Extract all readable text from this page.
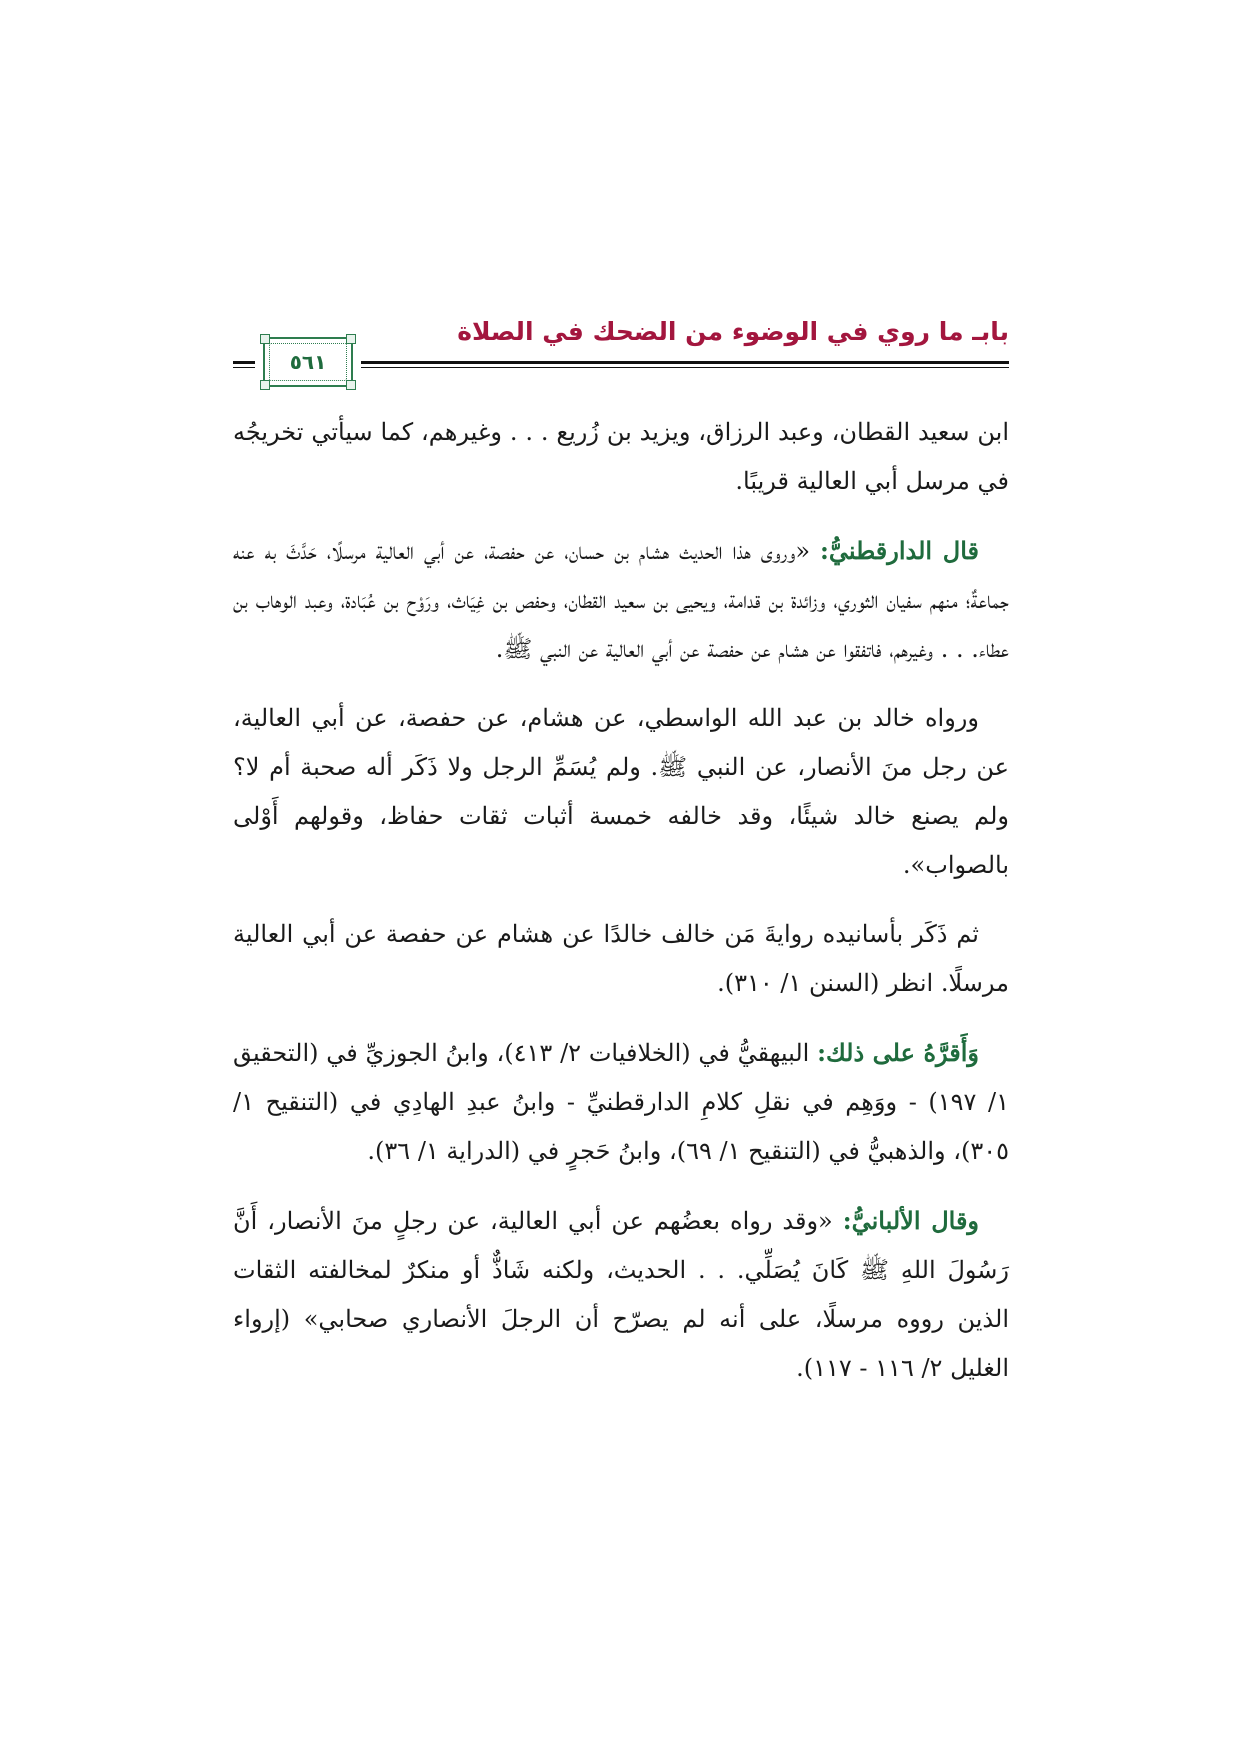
بابـ ما روي في الوضوء من الضحك في الصلاة
٥٦١

ابن سعيد القطان، وعبد الرزاق، ويزيد بن زُريع . . . وغيرهم، كما سيأتي تخريجُه في مرسل أبي العالية قريبًا.

قال الدارقطنيُّ: «وروى هذا الحديث هشام بن حسان، عن حفصة، عن أبي العالية مرسلًا، حَدَّثَ به عنه جماعةٌ؛ منهم سفيان الثوري، وزائدة بن قدامة، ويحيى بن سعيد القطان، وحفص بن غِيَاث، ورَوْح بن عُبَادة، وعبد الوهاب بن عطاء. . . وغيرهم، فاتفقوا عن هشام عن حفصة عن أبي العالية عن النبي ﷺ.

ورواه خالد بن عبد الله الواسطي، عن هشام، عن حفصة، عن أبي العالية، عن رجل منَ الأنصار، عن النبي ﷺ. ولم يُسَمِّ الرجل ولا ذَكَر أله صحبة أم لا؟ ولم يصنع خالد شيئًا، وقد خالفه خمسة أثبات ثقات حفاظ، وقولهم أَوْلى بالصواب».

ثم ذَكَر بأسانيده روايةَ مَن خالف خالدًا عن هشام عن حفصة عن أبي العالية مرسلًا. انظر (السنن ١/ ٣١٠).

وَأَقرَّهُ على ذلك: البيهقيُّ في (الخلافيات ٢/ ٤١٣)، وابنُ الجوزيِّ في (التحقيق ١/ ١٩٧) - ووَهِم في نقلِ كلامِ الدارقطنيِّ - وابنُ عبدِ الهادِي في (التنقيح ١/ ٣٠٥)، والذهبيُّ في (التنقيح ١/ ٦٩)، وابنُ حَجرٍ في (الدراية ١/ ٣٦).

وقال الألبانيُّ: «وقد رواه بعضُهم عن أبي العالية، عن رجلٍ منَ الأنصار، أَنَّ رَسُولَ اللهِ ﷺ كَانَ يُصَلِّي. . . الحديث، ولكنه شَاذٌّ أو منكرٌ لمخالفته الثقات الذين رووه مرسلًا، على أنه لم يصرّح أن الرجلَ الأنصاري صحابي» (إرواء الغليل ٢/ ١١٦ - ١١٧).
